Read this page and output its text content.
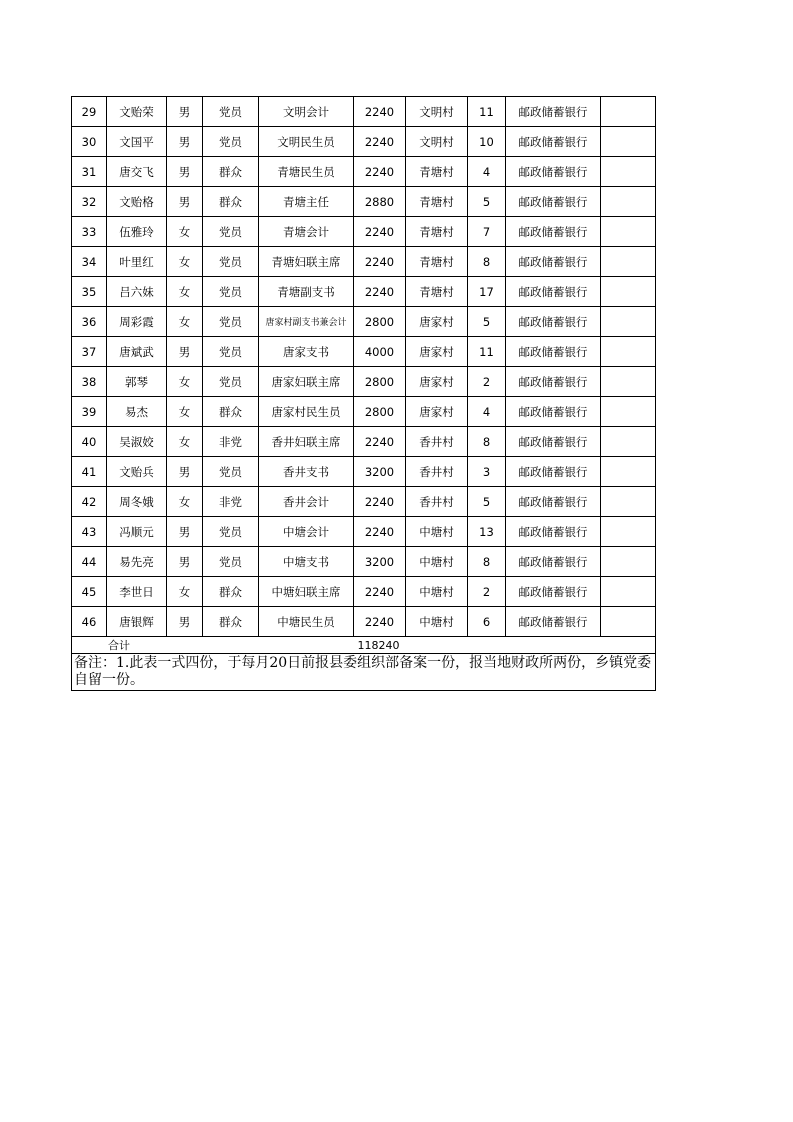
29	文贻荣	男	党员	文明会计	2240	文明村	11	邮政储蓄银行	
30	文国平	男	党员	文明民生员	2240	文明村	10	邮政储蓄银行	
31	唐交飞	男	群众	青塘民生员	2240	青塘村	4	邮政储蓄银行	
32	文贻格	男	群众	青塘主任	2880	青塘村	5	邮政储蓄银行	
33	伍雅玲	女	党员	青塘会计	2240	青塘村	7	邮政储蓄银行	
34	叶里红	女	党员	青塘妇联主席	2240	青塘村	8	邮政储蓄银行	
35	吕六妹	女	党员	青塘副支书	2240	青塘村	17	邮政储蓄银行	
36	周彩霞	女	党员	唐家村副支书兼会计	2800	唐家村	5	邮政储蓄银行	
37	唐斌武	男	党员	唐家支书	4000	唐家村	11	邮政储蓄银行	
38	郭琴	女	党员	唐家妇联主席	2800	唐家村	2	邮政储蓄银行	
39	易杰	女	群众	唐家村民生员	2800	唐家村	4	邮政储蓄银行	
40	吴淑姣	女	非党	香井妇联主席	2240	香井村	8	邮政储蓄银行	
41	文贻兵	男	党员	香井支书	3200	香井村	3	邮政储蓄银行	
42	周冬娥	女	非党	香井会计	2240	香井村	5	邮政储蓄银行	
43	冯顺元	男	党员	中塘会计	2240	中塘村	13	邮政储蓄银行	
44	易先亮	男	党员	中塘支书	3200	中塘村	8	邮政储蓄银行	
45	李世日	女	群众	中塘妇联主席	2240	中塘村	2	邮政储蓄银行	
46	唐银辉	男	群众	中塘民生员	2240	中塘村	6	邮政储蓄银行	
合计					118240				
备注：1.此表一式四份，于每月20日前报县委组织部备案一份，报当地财政所两份，乡镇党委自留一份。									
